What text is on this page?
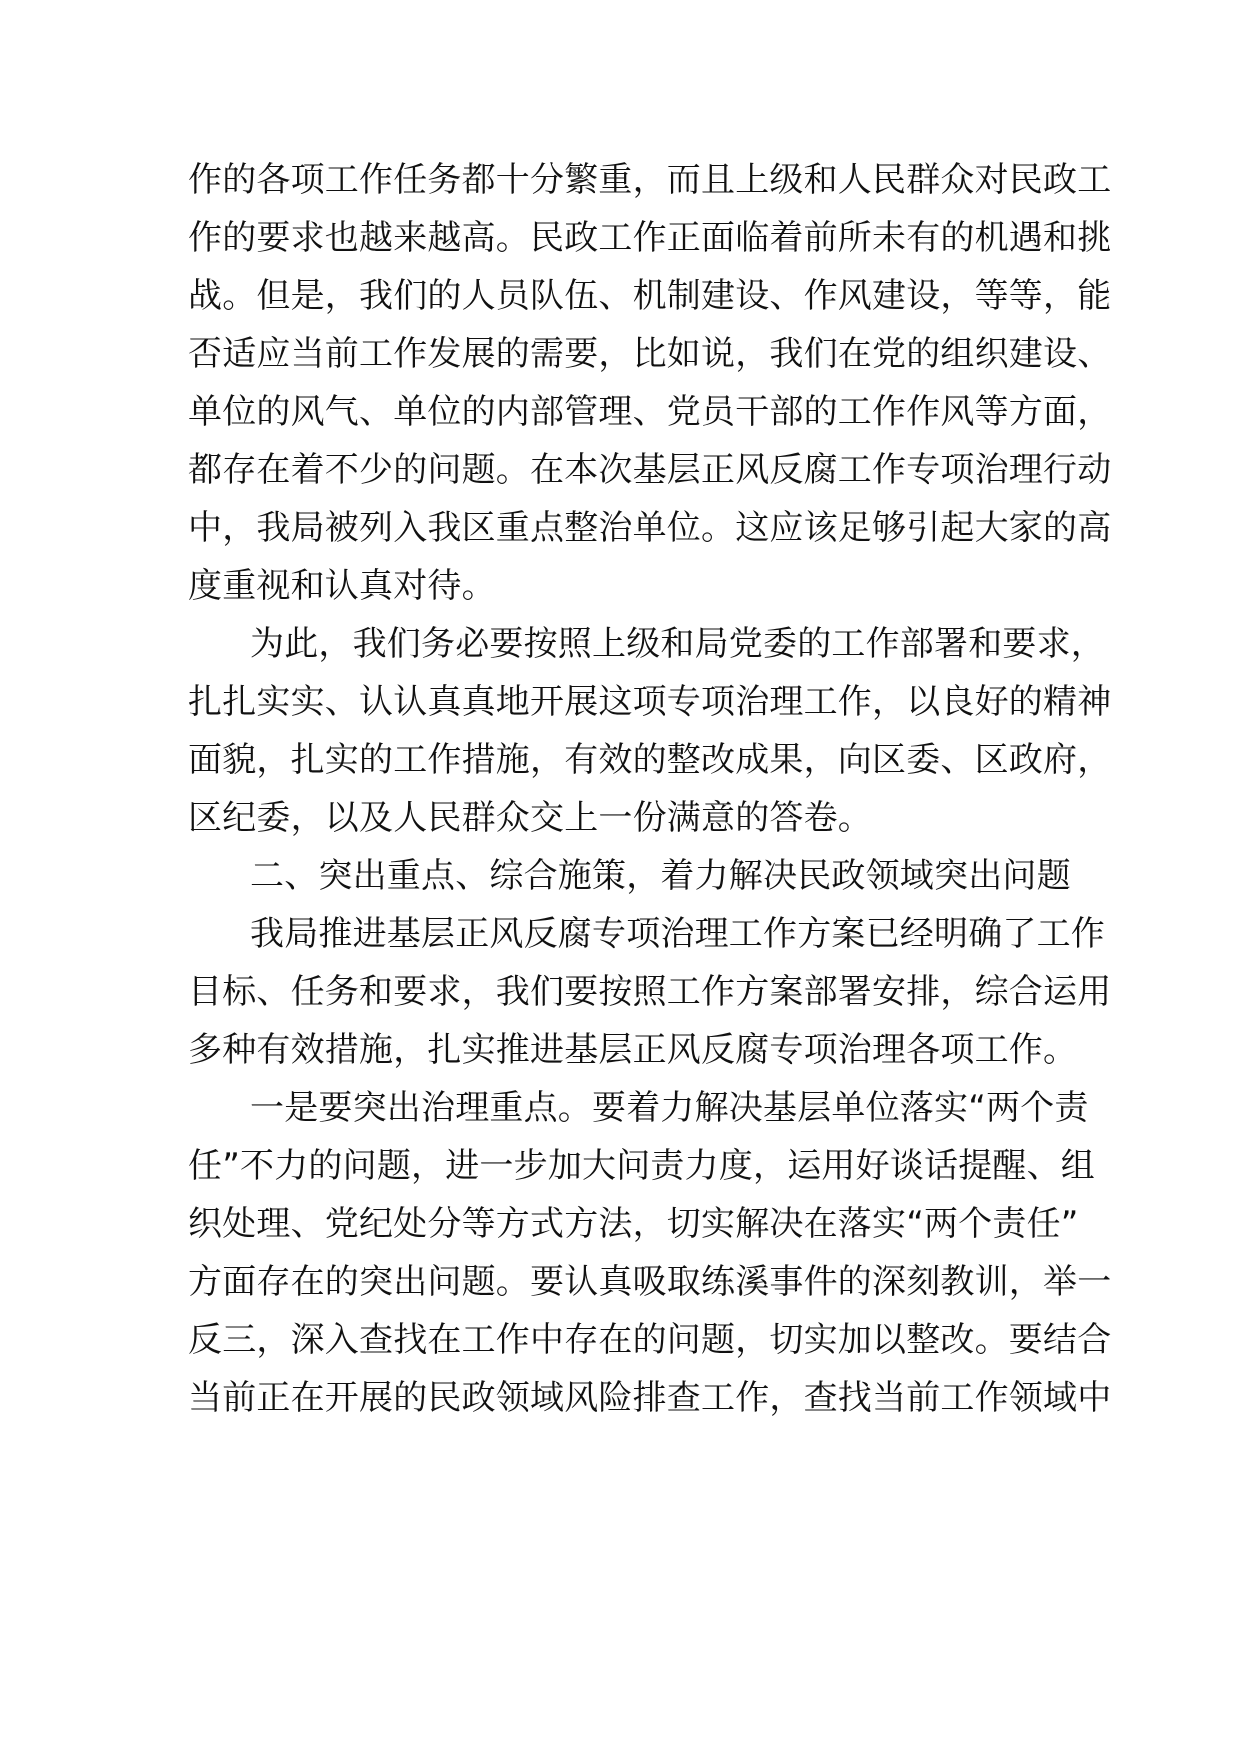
作的各项工作任务都十分繁重，而且上级和人民群众对民政工
作的要求也越来越高。民政工作正面临着前所未有的机遇和挑
战。但是，我们的人员队伍、机制建设、作风建设，等等，能
否适应当前工作发展的需要，比如说，我们在党的组织建设、
单位的风气、单位的内部管理、党员干部的工作作风等方面，
都存在着不少的问题。在本次基层正风反腐工作专项治理行动
中，我局被列入我区重点整治单位。这应该足够引起大家的高
度重视和认真对待。
为此，我们务必要按照上级和局党委的工作部署和要求，
扎扎实实、认认真真地开展这项专项治理工作，以良好的精神
面貌，扎实的工作措施，有效的整改成果，向区委、区政府，
区纪委，以及人民群众交上一份满意的答卷。
二、突出重点、综合施策，着力解决民政领域突出问题
我局推进基层正风反腐专项治理工作方案已经明确了工作
目标、任务和要求，我们要按照工作方案部署安排，综合运用
多种有效措施，扎实推进基层正风反腐专项治理各项工作。
一是要突出治理重点。要着力解决基层单位落实“两个责
任”不力的问题，进一步加大问责力度，运用好谈话提醒、组
织处理、党纪处分等方式方法，切实解决在落实“两个责任”
方面存在的突出问题。要认真吸取练溪事件的深刻教训，举一
反三，深入查找在工作中存在的问题，切实加以整改。要结合
当前正在开展的民政领域风险排查工作，查找当前工作领域中
